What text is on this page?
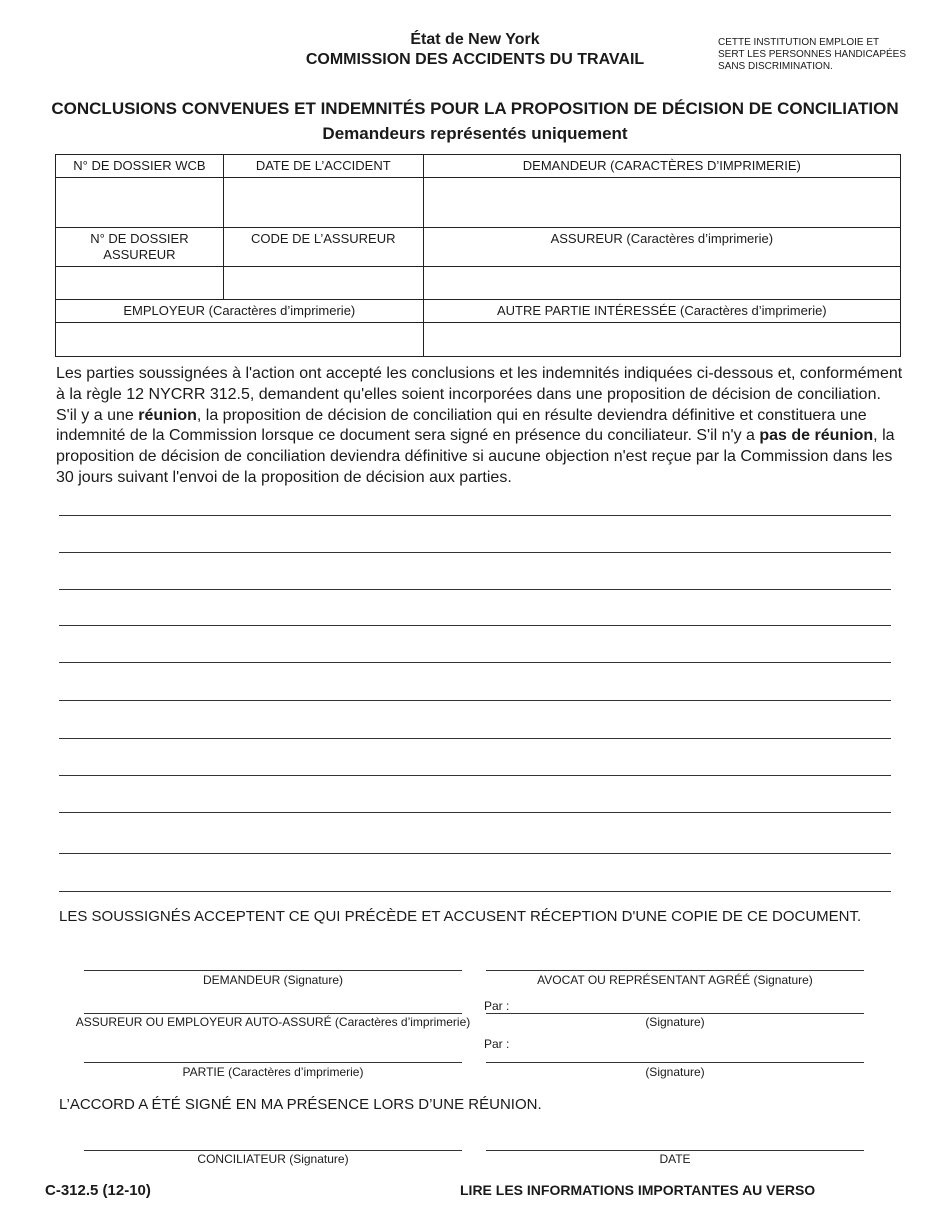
État de New York
COMMISSION DES ACCIDENTS DU TRAVAIL
CETTE INSTITUTION EMPLOIE ET
SERT LES PERSONNES HANDICAPÉES
SANS DISCRIMINATION.
CONCLUSIONS CONVENUES ET INDEMNITÉS POUR LA PROPOSITION DE DÉCISION DE CONCILIATION
Demandeurs représentés uniquement
N° DE DOSSIER WCB	DATE DE L’ACCIDENT	DEMANDEUR (CARACTÈRES D’IMPRIMERIE)

N° DE DOSSIER ASSUREUR	CODE DE L’ASSUREUR	ASSUREUR (Caractères d’imprimerie)

EMPLOYEUR (Caractères d’imprimerie)		AUTRE PARTIE INTÉRESSÉE (Caractères d’imprimerie)

Les parties soussignées à l'action ont accepté les conclusions et les indemnités indiquées ci-dessous et, conformément à la règle 12 NYCRR 312.5, demandent qu'elles soient incorporées dans une proposition de décision de conciliation. S'il y a une réunion, la proposition de décision de conciliation qui en résulte deviendra définitive et constituera une indemnité de la Commission lorsque ce document sera signé en présence du conciliateur. S'il n'y a pas de réunion, la proposition de décision de conciliation deviendra définitive si aucune objection n'est reçue par la Commission dans les 30 jours suivant l'envoi de la proposition de décision aux parties.
LES SOUSSIGNÉS ACCEPTENT CE QUI PRÉCÈDE ET ACCUSENT RÉCEPTION D'UNE COPIE DE CE DOCUMENT.
DEMANDEUR (Signature)	AVOCAT OU REPRÉSENTANT AGRÉÉ (Signature)
ASSUREUR OU EMPLOYEUR AUTO-ASSURÉ (Caractères d’imprimerie)
Par :
(Signature)
Par :
PARTIE (Caractères d’imprimerie)	(Signature)
L’ACCORD A ÉTÉ SIGNÉ EN MA PRÉSENCE LORS D’UNE RÉUNION.
CONCILIATEUR (Signature)	DATE
C-312.5 (12-10)	LIRE LES INFORMATIONS IMPORTANTES AU VERSO
